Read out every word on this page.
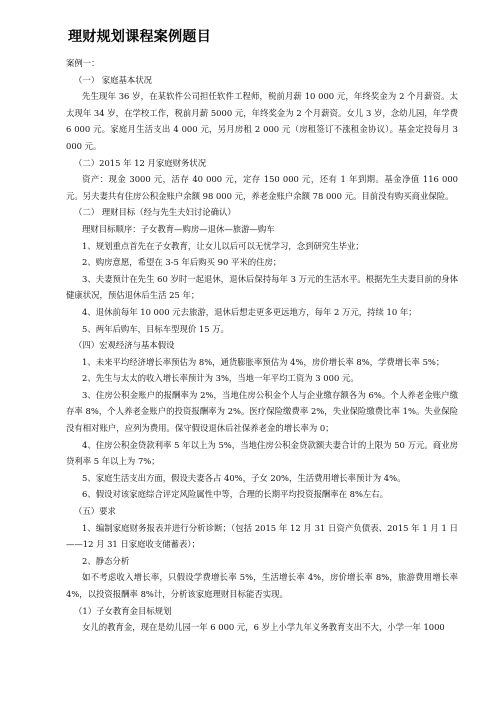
理财规划课程案例题目

案例一：

（一） 家庭基本状况

先生现年 36 岁，在某软件公司担任软件工程师，税前月薪 10 000 元，年终奖金为 2 个月薪资。太太现年 34 岁，在学校工作，税前月薪 5000 元，年终奖金为 2 个月薪资。女儿 3 岁，念幼儿园，年学费 6 000 元。家庭月生活支出 4 000 元，另月房租 2 000 元（房租签订不涨租金协议）。基金定投每月 3 000 元。

（二）2015 年 12 月家庭财务状况

资产：现金 3000 元，活存 40 000 元，定存 150 000 元，还有 1 年到期。基金净值 116 000 元。另夫妻共有住房公积金账户余额 98 000 元，养老金账户余额 78 000 元。目前没有购买商业保险。

（二） 理财目标（经与先生夫妇讨论确认）

理财目标顺序：子女教育—购房—退休—旅游—购车

1、规划重点首先在子女教育，让女儿以后可以无忧学习，念到研究生毕业；

2、购房意愿，希望在 3-5 年后购买 90 平米的住房；

3、夫妻预计在先生 60 岁时一起退休，退休后保持每年 3 万元的生活水平。根据先生夫妻目前的身体健康状况，预估退休后生活 25 年；

4、退休前每年 10 000 元去旅游，退休后想走更多更远地方，每年 2 万元，持续 10 年；

5、两年后购车，目标车型现价 15 万。

（四）宏观经济与基本假设

1、未来平均经济增长率预估为 8%，通货膨胀率预估为 4%，房价增长率 8%，学费增长率 5%；

2、先生与太太的收入增长率预计为 3%，当地一年平均工资为 3 000 元。

3、住房公积金账户的报酬率为 2%，当地住房公积金个人与企业缴存额各为 6%。个人养老金账户缴存率 8%，个人养老金账户的投资报酬率为 2%。医疗保险缴费率 2%，失业保险缴费比率 1%。失业保险没有相对账户，应列为费用。保守假设退休后社保养老金的增长率为 0；

4、住房公积金贷款利率 5 年以上为 5%，当地住房公积金贷款额夫妻合计的上限为 50 万元。商业房贷利率 5 年以上为 7%；

5、家庭生活支出方面，假设夫妻各占 40%，子女 20%，生活费用增长率预计为 4%。

6、假设对该家庭综合评定风险属性中等，合理的长期平均投资报酬率在 8%左右。

（五）要求

1、编制家庭财务报表并进行分析诊断；（包括 2015 年 12 月 31 日资产负债表、2015 年 1 月 1 日——12 月 31 日家庭收支储蓄表）；

2、静态分析

如不考虑收入增长率，只假设学费增长率 5%，生活增长率 4%，房价增长率 8%，旅游费用增长率 4%，以投资报酬率 8%计，分析该家庭理财目标能否实现。

（1）子女教育金目标规划

女儿的教育金，现在是幼儿园一年 6 000 元，6 岁上小学九年义务教育支出不大，小学一年 1000
